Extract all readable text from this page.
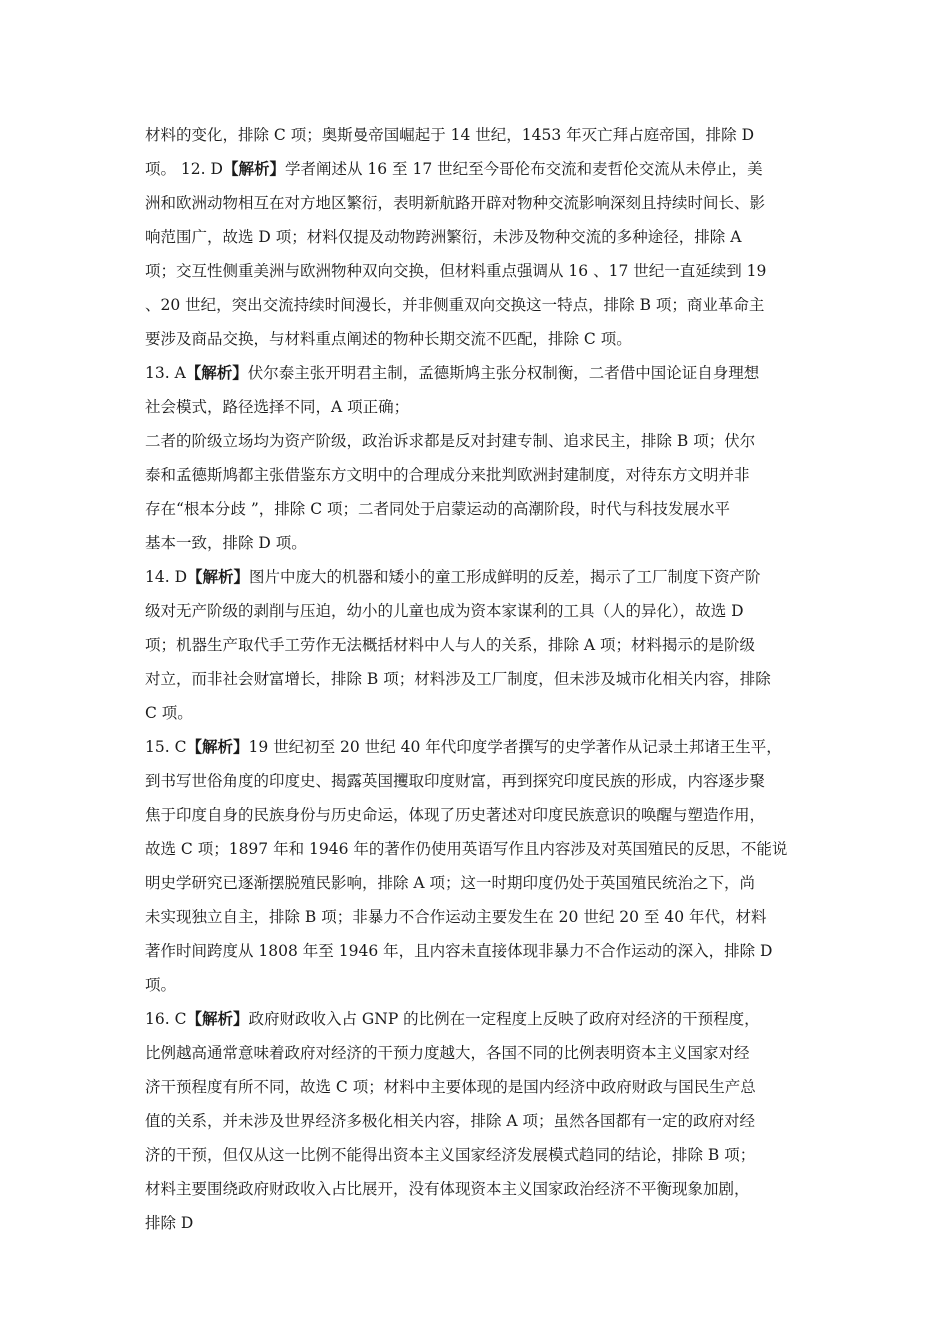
材料的变化，排除 C 项；奥斯曼帝国崛起于 14 世纪，1453 年灭亡拜占庭帝国，排除 D
项。 12. D【解析】学者阐述从 16 至 17 世纪至今哥伦布交流和麦哲伦交流从未停止，美
洲和欧洲动物相互在对方地区繁衍，表明新航路开辟对物种交流影响深刻且持续时间长、影
响范围广，故选 D 项；材料仅提及动物跨洲繁衍，未涉及物种交流的多种途径，排除 A
项；交互性侧重美洲与欧洲物种双向交换，但材料重点强调从 16 、17 世纪一直延续到 19
、20 世纪，突出交流持续时间漫长，并非侧重双向交换这一特点，排除 B 项；商业革命主
要涉及商品交换，与材料重点阐述的物种长期交流不匹配，排除 C 项。
13. A【解析】伏尔泰主张开明君主制，孟德斯鸠主张分权制衡，二者借中国论证自身理想
社会模式，路径选择不同，A 项正确；
二者的阶级立场均为资产阶级，政治诉求都是反对封建专制、追求民主，排除 B 项；伏尔
泰和孟德斯鸠都主张借鉴东方文明中的合理成分来批判欧洲封建制度，对待东方文明并非
存在“根本分歧 ”，排除 C 项；二者同处于启蒙运动的高潮阶段，时代与科技发展水平
基本一致，排除 D 项。
14. D【解析】图片中庞大的机器和矮小的童工形成鲜明的反差，揭示了工厂制度下资产阶
级对无产阶级的剥削与压迫，幼小的儿童也成为资本家谋利的工具（人的异化），故选 D
项；机器生产取代手工劳作无法概括材料中人与人的关系，排除 A 项；材料揭示的是阶级
对立，而非社会财富增长，排除 B 项；材料涉及工厂制度，但未涉及城市化相关内容，排除
C 项。
15. C【解析】19 世纪初至 20 世纪 40 年代印度学者撰写的史学著作从记录土邦诸王生平，
到书写世俗角度的印度史、揭露英国攫取印度财富，再到探究印度民族的形成，内容逐步聚
焦于印度自身的民族身份与历史命运，体现了历史著述对印度民族意识的唤醒与塑造作用，
故选 C 项；1897 年和 1946 年的著作仍使用英语写作且内容涉及对英国殖民的反思，不能说
明史学研究已逐渐摆脱殖民影响，排除 A 项；这一时期印度仍处于英国殖民统治之下，尚
未实现独立自主，排除 B 项；非暴力不合作运动主要发生在 20 世纪 20 至 40 年代，材料
著作时间跨度从 1808 年至 1946 年，且内容未直接体现非暴力不合作运动的深入，排除 D
项。
16. C【解析】政府财政收入占 GNP 的比例在一定程度上反映了政府对经济的干预程度，
比例越高通常意味着政府对经济的干预力度越大，各国不同的比例表明资本主义国家对经
济干预程度有所不同，故选 C 项；材料中主要体现的是国内经济中政府财政与国民生产总
值的关系，并未涉及世界经济多极化相关内容，排除 A 项；虽然各国都有一定的政府对经
济的干预，但仅从这一比例不能得出资本主义国家经济发展模式趋同的结论，排除 B 项；
材料主要围绕政府财政收入占比展开，没有体现资本主义国家政治经济不平衡现象加剧，
排除 D
